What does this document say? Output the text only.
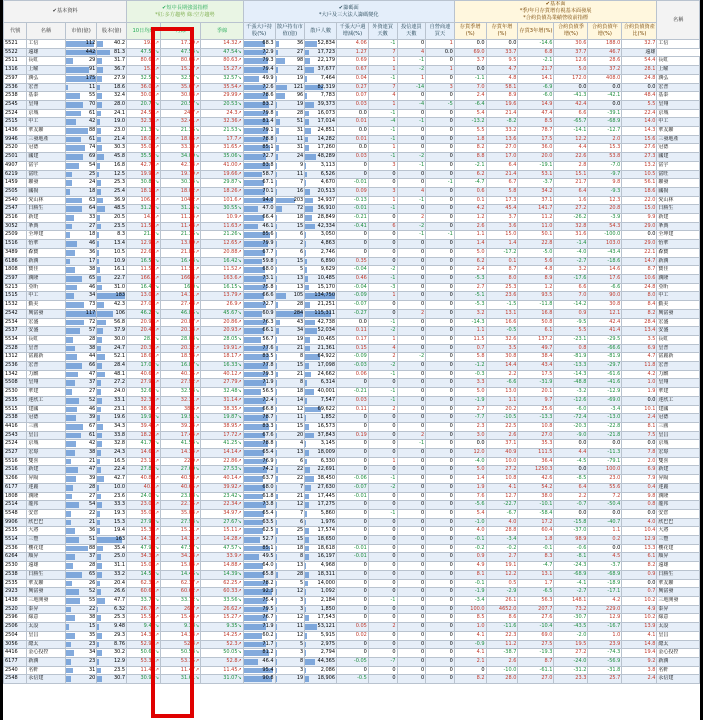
✔基本資料				✔短中長期強弱指標
*紅:多方趨勢 綠:空方趨勢			✔籌碼面
*大戶及三大法人籌碼變化							✔基本面
*季/年月存貨增有視基本面發展
*合約負債為業績營收前指標						名稱
代號	名稱	市值(億)	股本(億)	10日均線	月線	季線	千張大戶持股(%)	散戶持有市值(億)	散戶人數	千張大戶週增減(%)	外資連買天數	投信連買天數	自營商連買天	存貨季增(%)	存貨年增(%)	存貨3年增(%)	合約負債季增(%)	合約負債年增(%)	合約負債資產比(%)	
5521	工信	112	40.2	19.6↗	17.29↗	14.32↗	68.3	36	52,834	4.06	-1	0	1	0.0	0.0	-14.6	30.6	188.0	32.7	工信
5522	遠雄	442	81.3	47.54↘	47.54↘	47.54↘	72.9	27	17,723	1.27	7	4	0.0	69.0	33.7	6.8	37.7	46.7	遠雄	
2511	長虹	29	31.7	80.63↗	80.63↗	80.63↗	79.3	98	22,179	0.69	1	-1	0	3.7	9.5	-2.1	12.6	28.6	54.4	長虹
1316	上曜	91	36.7	15.5↗	15.27↗	15.27↗	79.4	21	37,677	0.67	1	-2	1	0.0	4.7	21.7	5.0	37.2	28.1	上曜
2597	潤弘	175	27.9	32.57↘	32.57↘	32.57↘	49.9	19	7,464	0.04	-1	1	0	-1.1	4.8	14.1	172.0	408.0	24.8	潤弘
2536	宏普	11	18.6	36.04↗	35.67↗	35.54↗	72.6	121	82,319	0.27	7	-14	3	7.0	58.1	-6.9	0.0	0.0	0.0	宏普
2538	基泰	55	32.4	30.06↗	30.03↗	29.99↗	78.6	96	7,783	0.07	4	0	0	2.4	8.9	-6.0	-41.3	-42.1	48.4	基泰
2545	皇翔	70	28.0	20.72↘	20.57↘	20.53↘	83.2	19	39,373	0.03	1	-4	-5	-6.4	19.6	14.9	42.4	0.0	5.5	皇翔
2524	京城	61	24.1	24.52↗	24.7↗	24.3↗	79.8	28	16,073	0.0	-1	0	0	5.4	21.4	47.4	6.6	-39.1	22.4	京城
2515	中工	42	19.0	32.36↗	32.41↗	32.36↗	81.4	51	17,014	0.01	-4	-1	0	-13.2	-8.2	8.5	-65.7	-68.9	14.0	中工
1436	華友聯	88	23.0	21.33↘	21.36↘	21.53↘	79.1	31	24,851	0.0	-1	0	0	5.5	33.2	78.7	-14.1	-12.7	14.3	華友聯
9946	三發地產	61	21.4	18.09↗	18.05↗	17.7↗	78.8	11	14,282	0.01	-1	0	0	1.8	13.6	17.5	12.2	2.0	15.6	三發地產
2520	冠德	74	30.3	35.05↗	33.38↗	31.65↗	85.1	31	17,260	0.0	1	0	0	8.2	27.0	36.0	4.4	15.3	27.6	冠德
2501	國建	69	45.8	35.55↘	34.09↘	35.06↘	72.7	24	48,289	0.03	-1	-2	0	8.8	17.0	20.0	22.6	53.8	27.3	國建
4907	富宇	54	16.8	42.73↗	42.73↗	41.00↗	83.8	9	3,113	0	3	-1	0	-2.1	6.4	-19.1	2.8	-7.0	13.2	富宇
6219	富旺	25	12.5	19.92↗	19.79↗	19.66↗	58.7	11	6,526	0	0	0	0	6.2	21.4	53.1	15.1	-9.7	10.5	富旺
1459	聯發	24	25.3	30.88↘	30.34↘	29.87↘	67.1	7	4,670	-0.01	0	0	-1	-4.7	6.7	-3.7	21.7	9.8	56.1	聯發
2505	國揚	18	25.4	18.19↗	18.02↗	18.26↗	70.1	16	20,513	0.09	3	4	0	0.6	5.8	34.2	6.4	-9.3	18.6	國揚
2540	愛山林	63	36.9	106.8↗	104.2↗	101.6↗	94.0	203	34,937	-0.13	1	-1	0	0.1	17.3	37.1	1.6	12.3	22.0	愛山林
2547	日勝生	64	48.5	31.29↘	31.24↘	30.55↘	47.0	72	36,910	-0.01	-1	0	0	4.2	45.4	141.7	27.2	20.8	15.0	日勝生
2516	新建	33	20.5	14.5↗	11.24↗	10.9↗	66.4	18	28,849	-0.21	0	2	0	1.2	3.7	11.2	-26.2	-3.9	9.9	新建
3052	夆典	27	23.5	11.56↗	11.43↗	11.63↗	46.1	15	42,334	-0.41	6	-2	0	2.6	3.6	11.0	32.8	54.3	29.0	夆典
2509	全坤建	18	8.3	21.5↘	21.36↘	21.26↘	85.6	6	3,050	0	0	-1	-1	1.1	15.0	50.1	31.6	-100.0	0.0	全坤建
1516	怡華	46	13.4	12.94↗	13.09↗	12.65↗	79.9	2	4,863	0	0	0	0	1.4	1.4	22.8	-1.4	103.0	29.0	怡華
3489	森寶	36	10.5	22.62↗	21.86↗	20.88↗	67.7	6	2,746	0	0	0	0	5.0	-17.2	-5.0	-4.0	-43.4	22.1	森寶
6186	新潤	17	10.9	16.54↘	16.43↘	16.42↘	59.8	15	6,890	0.35	0	0	0	6.2	0.1	5.6	-2.7	-18.6	14.7	新潤
1808	寶佳	38	16.1	11.53↗	11.51↗	11.52↗	68.0	5	9,629	-0.04	-2	0	0	2.4	8.7	4.8	3.2	14.6	8.7	寶佳
2597	潤隆	65	22.7	166.5↗	166.3↗	163.6↗	73.1	13	10,485	0.46	-1	0	0	-5.3	8.0	8.9	-17.6	17.6	10.6	潤隆
5213	亞昕	46	31.0	16.41↘	16.0↘	16.15↘	75.8	13	15,170	-0.04	-3	0	0	2.7	25.3	1.2	6.6	-6.6	24.8	亞昕
1515	中工	34	183	13.08↗	14.11↗	13.79↗	66.6	105	134,750	-0.09	1	0	0	-5.1	23.6	93.5	7.0	90.0	8.0	中工
1532	勤美	73	42.3	27.08↗	27.48↗	26.9↗	72.7	28	21,251	-0.07	0	0	0	-5.3	-1.5	-11.8	-14.2	30.8	8.4	勤美
2542	興富發	117	106	46.25↘	46.85↘	45.67↘	60.9	284	115,311	-0.27	0	2	0	3.2	13.1	16.8	0.9	12.1	8.2	興富發
2534	宏盛	72	56.8	20.92↗	20.87↗	20.86↗	76.3	43	42,738	0.0	-1	0	0	-14.3	16.6	50.8	-9.5	42.4	28.4	宏盛
2537	安盛	57	37.9	20.47↗	20.33↗	20.93↗	66.1	34	52,034	0.11	-2	0	0	1.1	-0.5	6.1	5.5	41.4	13.4	安盛
5534	長虹	28	30.0	28.2↘	28.08↘	28.05↘	56.7	19	20,465	0.17	1	0	0	11.5	32.6	137.2	-23.1	-29.5	3.5	長虹
2528	皇普	38	24.7	20.32↗	20.32↗	19.91↗	77.6	21	21,361	0.15	4	0	0	0.7	3.5	49.7	0.8	-66.6	6.9	皇普
1312	富麗新	44	52.1	18.65↗	18.54↗	18.17↗	83.5	8	64,922	-0.09	2	-2	0	5.8	30.8	38.4	-81.9	-81.9	4.7	富麗新
2536	宏普	66	28.4	17.02↘	16.87↘	16.33↘	77.8	15	17,098	-0.03	-2	0	0	-1.2	14.4	43.4	-13.3	-29.7	11.8	宏普
1342	力麒	47	48.1	40.67↗	40.15↗	40.12↗	79.3	21	24,662	0.06	-1	0	0	-0.3	2.2	17.5	-14.3	-61.6	4.2	力麒
5508	皇翔	37	27.2	27.95↗	27.92↗	27.79↗	71.9	8	6,314	0	0	0	0	3.3	-6.6	-31.9	-48.8	-41.6	1.0	皇翔
2530	華建	27	24.0	32.67↘	32.53↘	32.48↘	56.5	18	40,001	-0.21	-1	0	0	5.0	13.0	20.1	-3.2	-12.9	1.9	華建
2535	達欣工	52	33.1	32.34↗	32.31↗	31.14↗	72.4	14	7,547	0.03	-1	0	0	-1.9	1.1	9.7	-12.6	-69.0	0.0	達欣工
5515	建國	46	23.1	38.92↗	38.6↗	38.35↗	66.8	12	69,622	0.11	2	0	0	2.7	20.2	25.6	-6.0	-3.4	10.1	建國
2538	冠德	39	19.6	19.92↘	19.91↘	19.87↘	78.7	11	1,852	0	0	0	0	-7.7	-10.5	-13.3	-72.4	-13.0	2.4	冠德
4416	三圓	67	34.3	39.48↗	39.24↗	38.95↗	83.3	15	16,573	0	0	0	0	2.3	22.5	10.8	-20.3	-22.8	8.1	三圓
2543	皇昌	61	33.8	18.26↗	17.44↗	17.72↗	67.6	20	37,843	0.19	0	2	0	3.0	2.6	27.0	-9.0	-21.8	7.5	皇昌
2524	京城	42	32.8	41.74↘	41.54↘	41.25↘	78.8	4	3,145	0	0	-1	0	0.0	37.1	35.3	0.0	0.0	0.0	京城
2527	宏璟	38	24.3	14.67↗	14.34↗	14.14↗	65.4	13	18,009	0	0	0	0	12.0	40.9	111.5	4.4	-11.3	7.8	宏璟
5516	雙喜	21	16.5	23.14↗	22.9↗	22.86↗	76.9	6	6,330	0	1	0	0	-4.0	10.0	36.4	-4.5	-79.1	2.0	雙喜
2516	新建	47	22.4	27.89↘	27.69↘	27.53↘	74.2	22	22,691	0	0	0	0	5.0	27.2	1250.3	0.0	100.0	6.9	新建
3266	昇陽	39	42.7	40.82↗	40.58↗	40.14↗	63.7	22	38,450	-0.06	-1	0	0	1.4	10.8	42.6	-8.5	23.0	7.9	昇陽
6177	達麗	28	10.0	40.4↗	40.65↗	39.92↗	68.0	7	27,630	-0.07	-2	0	0	1.9	4.1	54.2	6.4	55.6	0.4	達麗
1808	潤隆	27	23.6	24.01↘	23.88↘	23.42↘	61.8	21	17,445	-0.01	0	0	0	7.6	12.7	38.0	2.2	7.2	9.8	潤隆
2514	龍邦	54	33.3	23.08↗	22.75↗	22.34↗	73.8	12	17,275	0	0	0	0	-5.6	-22.7	-10.1	-0.7	-50.4	0.8	龍邦
5548	安倉	22	19.3	35.06↗	35.03↗	34.97↗	65.4	7	5,860	0	-1	0	0	5.4	-6.7	-58.4	0.0	0.0	0.0	安倉
9906	欣巴巴	21	15.3	27.96↘	27.93↘	27.67↘	63.5	6	1,976	0	0	0	0	-1.0	4.0	17.2	-15.8	-40.7	4.0	欣巴巴
2535	大將	36	19.4	15.32↗	15.21↗	15.11↗	62.5	25	17,574	0	0	0	0	4.0	28.8	60.4	-37.0	1.1	10.4	大將
5514	三豐	51	163	14.32↗	14.31↗	14.28↗	52.7	15	18,650	0	0	0	0	-0.1	-3.4	1.8	98.9	0.2	12.9	三豐
2536	櫻花建	88	35.4	47.93↘	47.57↘	47.57↘	85.1	18	18,618	-0.01	0	0	0	-0.2	-0.2	-0.1	-0.6	0.0	13.3	櫻花建
6264	順昇	37	25.0	34.39↗	34.23↗	33.9↗	49.5	8	16,197	-0.01	0	0	0	0.9	2.7	8.3	-8.1	4.5	6.1	順昇
2530	遠雄	28	31.1	15.08↗	15.04↗	14.88↗	64.0	13	4,968	0	0	0	0	4.9	19.1	-4.7	-24.3	-3.7	8.2	遠雄
2538	日勝生	65	33.2	14.51↘	14.46↘	14.39↘	65.8	28	18,311	0	0	0	0	8.1	12.2	13.1	-68.9	-68.9	0.9	日勝生
2535	華友聯	26	20.4	62.36↗	62.37↗	62.25↗	78.2	5	14,000	0	0	0	0	-0.1	0.5	1.7	-4.1	-18.9	0.0	華友聯
2923	興富發	52	26.6	60.67↗	60.62↗	60.33↗	92.3	12	1,092	0	0	0	0	-1.9	-2.9	-6.5	-2.7	-17.1	0.7	興富發
1438	三地開發	55	47.7	33.72↘	33.72↘	33.56↘	75.4	3	2,184	0	-1	0	0	-3.4	26.1	56.3	148.1	4.2	10.2	三地開發
2520	泰昇	22	6.32	26.78↗	26.7↗	26.62↗	79.5	3	1,850	0	0	0	0	100.0	4652.0	207.7	73.2	229.0	4.9	泰昇
2596	綠意	38	25.3	15.52↗	15.43↗	15.27↗	76.7	12	17,543	0	0	0	0	8.5	8.6	27.6	-30.7	12.9	10.2	綠意
2506	太設	15	9.48	9.43↘	9.38↘	9.35↘	71.9	11	53,121	0.05	2	0	0	1.0	-11.6	-10.4	-43.5	-16.7	13.9	太設
2504	皇昌	35	29.3	14.38↗	14.33↗	14.25↗	60.2	12	5,915	0.02	0	0	0	4.1	22.3	69.0	-2.0	1.0	4.1	皇昌
3056	總太	23	8.76	52.97↗	52.8↗	52.3↗	71.7	5	2,975	0	0	0	0	-0.9	11.2	27.5	19.5	23.9	14.8	總太
4416	金心投控	34	30.2	50.68↘	50.53↘	50.05↘	81.2	3	2,794	0	0	0	0	4.1	-38.7	-19.3	27.2	-74.3	19.4	金心投控
6177	新潤	23	12.9	53.33↗	53.15↗	52.8↗	46.4	8	44,365	-0.05	-7	0	0	2.1	2.6	8.7	-24.0	-56.9	9.2	新潤
2540	名軒	31	23.5	11.47↗	11.47↗	11.45↗	95.4	3	2,086	0	0	0	0	0	-10.0	-61.1	-31.2	-31.8	3.8	名軒
2548	永信建	20	30.7	30.94↘	31.61↘	31.07↘	90.8	19	18,906	-0.5	0	0	0	8.2	28.0	27.0	23.3	25.7	2.4	永信建
